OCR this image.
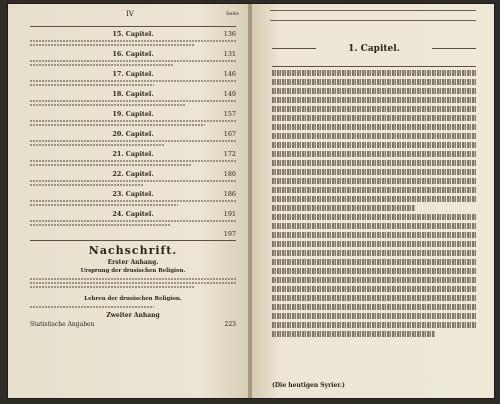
IV	Seite
15. Capitel.	136
16. Capitel.	131
17. Capitel.	146
18. Capitel.	149
19. Capitel.	157
20. Capitel.	167
21. Capitel.	172
22. Capitel.	180
23. Capitel.	186
24. Capitel.	191
197
Nachschrift.
Erster Anhang.
Ursprung der drusischen Religion.
Lehren der drusischen Religion.
Zweiter Anhang
Statistische Angaben	223
1. Capitel.
(Die heutigen Syrier.)
